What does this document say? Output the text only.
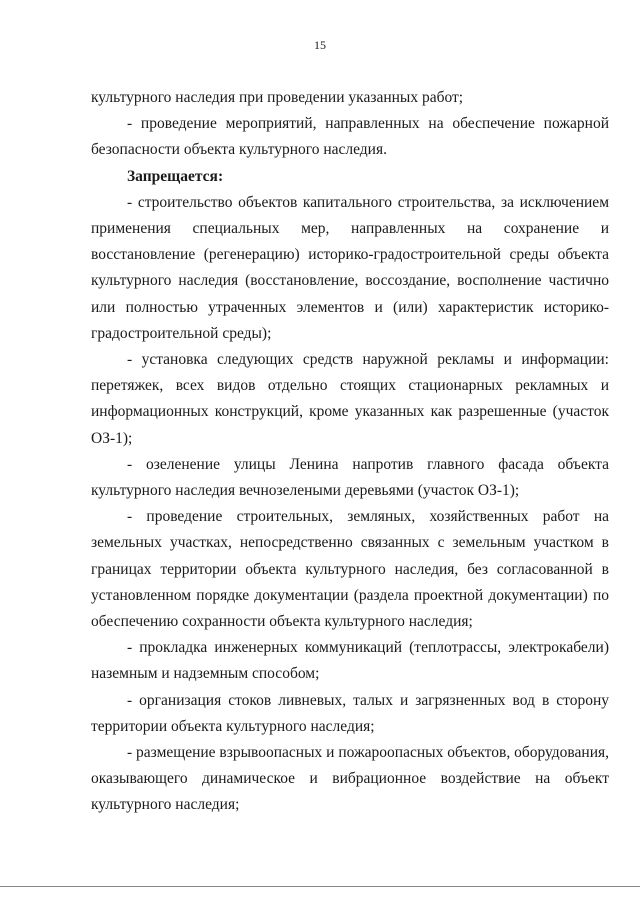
15

культурного наследия при проведении указанных работ;

- проведение мероприятий, направленных на обеспечение пожарной безопасности объекта культурного наследия.

Запрещается:

- строительство объектов капитального строительства, за исключением применения специальных мер, направленных на сохранение и восстановление (регенерацию) историко-градостроительной среды объекта культурного наследия (восстановление, воссоздание, восполнение частично или полностью утраченных элементов и (или) характеристик историко-градостроительной среды);

- установка следующих средств наружной рекламы и информации: перетяжек, всех видов отдельно стоящих стационарных рекламных и информационных конструкций, кроме указанных как разрешенные (участок ОЗ-1);

- озеленение улицы Ленина напротив главного фасада объекта культурного наследия вечнозелеными деревьями (участок ОЗ-1);

- проведение строительных, земляных, хозяйственных работ на земельных участках, непосредственно связанных с земельным участком в границах территории объекта культурного наследия, без согласованной в установленном порядке документации (раздела проектной документации) по обеспечению сохранности объекта культурного наследия;

- прокладка инженерных коммуникаций (теплотрассы, электрокабели) наземным и надземным способом;

- организация стоков ливневых, талых и загрязненных вод в сторону территории объекта культурного наследия;

- размещение взрывоопасных и пожароопасных объектов, оборудования, оказывающего динамическое и вибрационное воздействие на объект культурного наследия;
